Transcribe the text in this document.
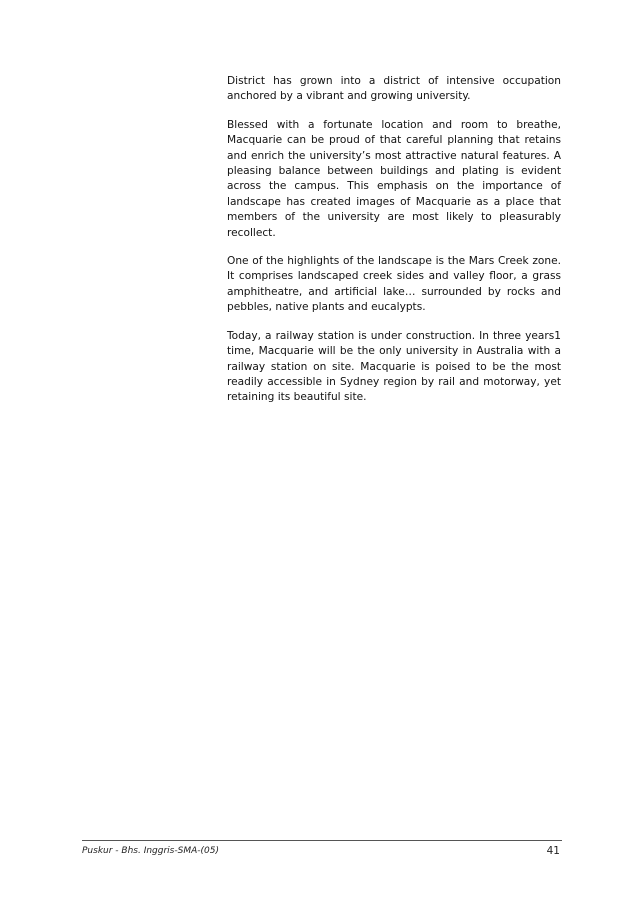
District has grown into a district of intensive occupation anchored by a vibrant and growing university.

Blessed with a fortunate location and room to breathe, Macquarie can be proud of that careful planning that retains and enrich the university’s most attractive natural features. A pleasing balance between buildings and plating is evident across the campus. This emphasis on the importance of landscape has created images of Macquarie as a place that members of the university are most likely to pleasurably recollect.

One of the highlights of the landscape is the Mars Creek zone. It comprises landscaped creek sides and valley floor, a grass amphitheatre, and artificial lake… surrounded by rocks and pebbles, native plants and eucalypts.

Today, a railway station is under construction. In three years1 time, Macquarie will be the only university in Australia with a railway station on site. Macquarie is poised to be the most readily accessible in Sydney region by rail and motorway, yet retaining its beautiful site.

Puskur - Bhs. Inggris-SMA-(05)	41
